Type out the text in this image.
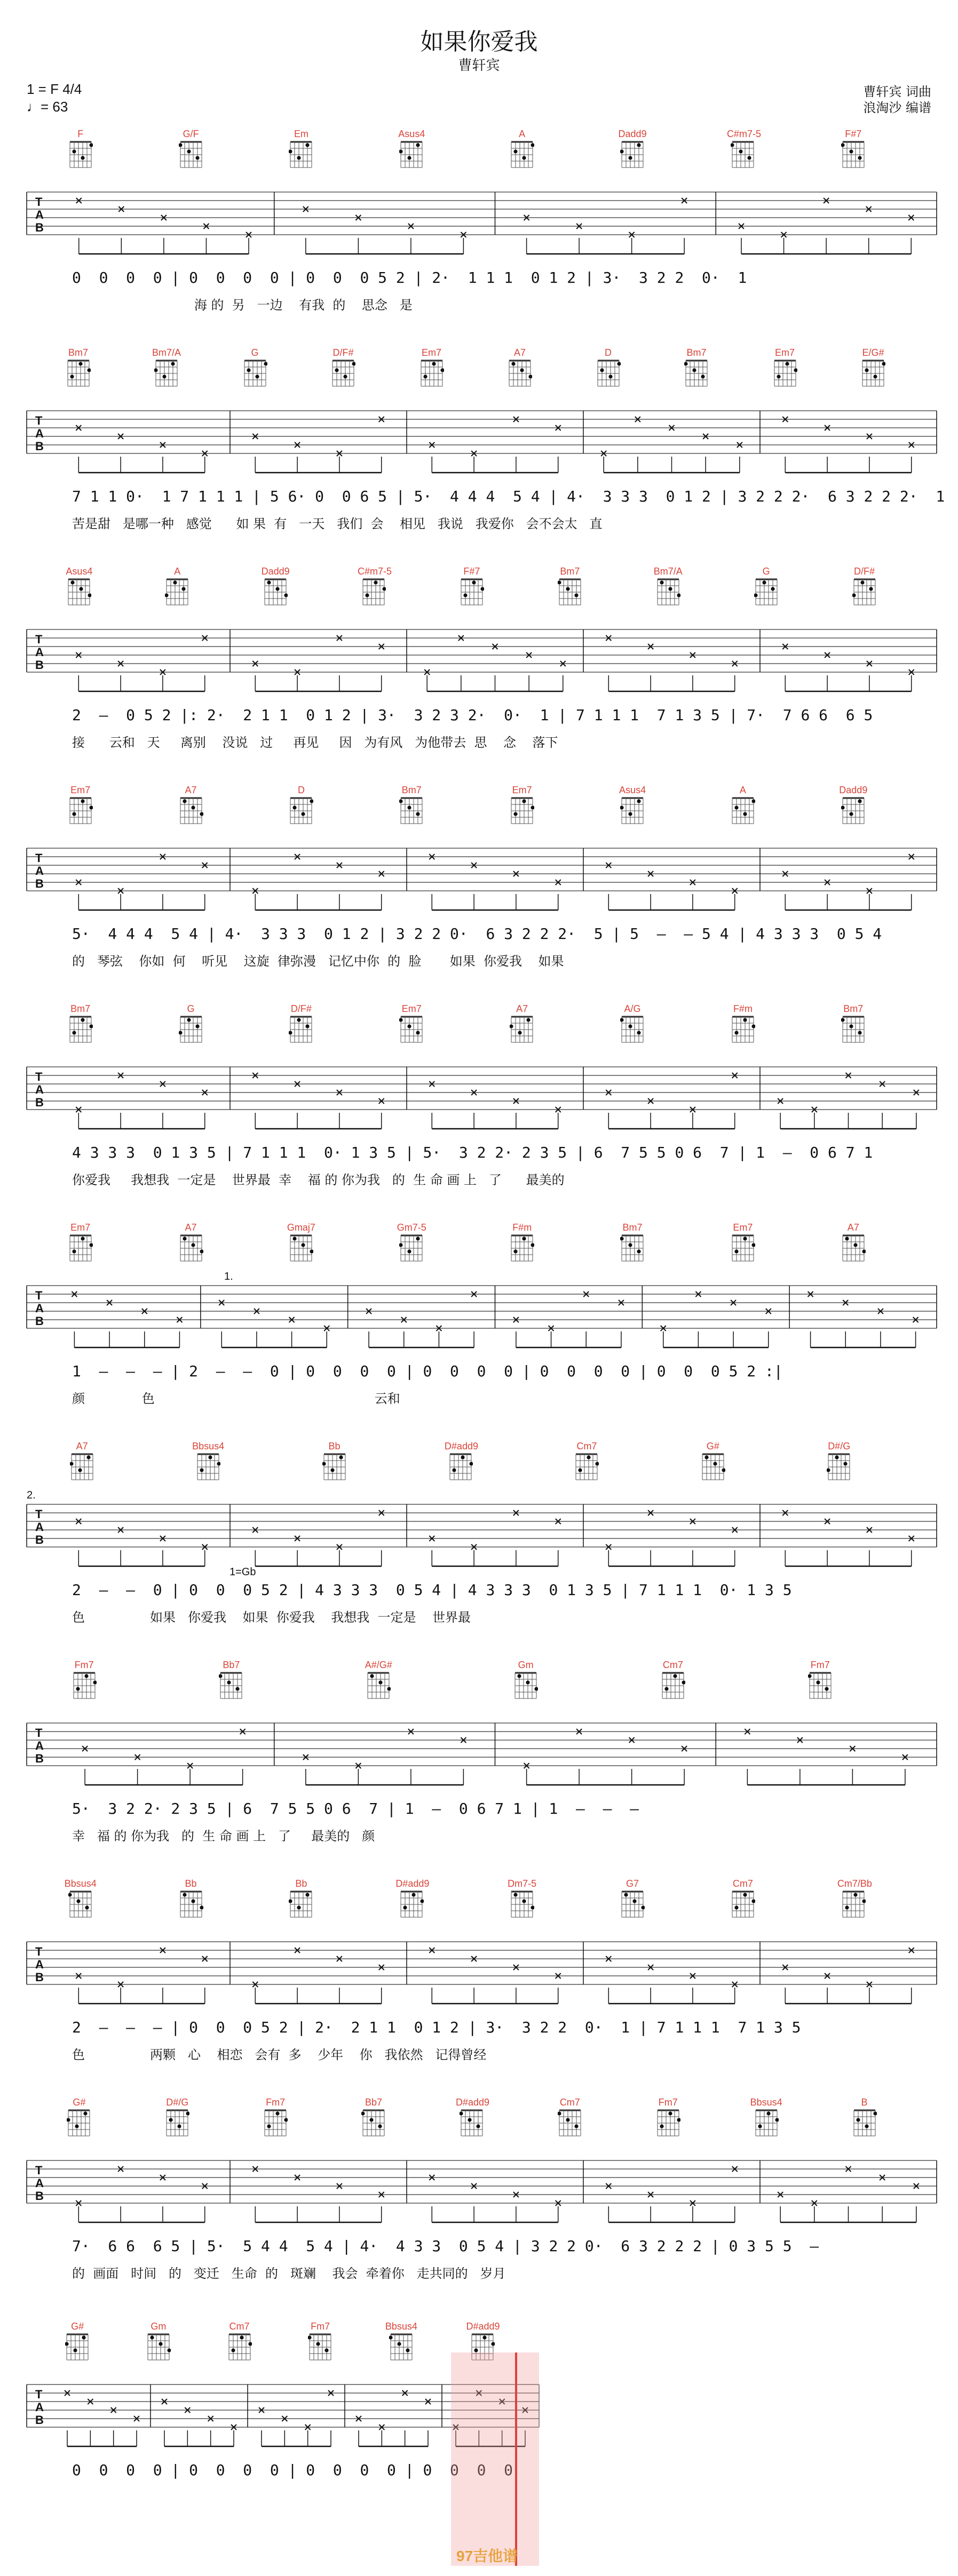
如果你爱我
曹轩宾
1 = F 4/4
♩= 63
曹轩宾 词曲
浪淘沙 编谱
T
A
B
F	G/F	Em	Asus4	A	Dadd9	C#m7-5	F#7
0  0  0  0 | 0  0  0  0 | 0  0  0 5 2 | 2·  1 1 1  0 1 2 | 3·  3 2 2  0·  1
海 的  另   一边    有我  的    思念   是
T
A
B
Bm7	Bm7/A	G	D/F#	Em7	A7	D	Bm7	Em7	E/G#
7 1 1 0·  1 7 1 1 1 | 5 6· 0  0 6 5 | 5·  4 4 4  5 4 | 4·  3 3 3  0 1 2 | 3 2 2 2·  6 3 2 2 2·  1
苦是甜   是哪一种   感觉      如 果  有   一天   我们  会    相见   我说   我爱你   会不会太   直
T
A
B
Asus4	A	Dadd9	C#m7-5	F#7	Bm7	Bm7/A	G	D/F#
2  —  0 5 2 |: 2·  2 1 1  0 1 2 | 3·  3 2 3 2·  0·  1 | 7 1 1 1  7 1 3 5 | 7·  7 6 6  6 5
接      云和   天     离别    没说   过     再见     因   为有风   为他带去  思    念    落下
T
A
B
Em7	A7	D	Bm7	Em7	Asus4	A	Dadd9
5·  4 4 4  5 4 | 4·  3 3 3  0 1 2 | 3 2 2 0·  6 3 2 2 2·  5 | 5  —  — 5 4 | 4 3 3 3  0 5 4
的   琴弦    你如  何    听见    这旋  律弥漫   记忆中你  的  脸       如果  你爱我    如果
T
A
B
Bm7	G	D/F#	Em7	A7	A/G	F#m	Bm7
4 3 3 3  0 1 3 5 | 7 1 1 1  0· 1 3 5 | 5·  3 2 2· 2 3 5 | 6  7 5 5 0 6  7 | 1  —  0 6 7 1
你爱我     我想我  一定是    世界最  幸    福 的 你为我   的  生 命 画 上   了      最美的
T
A
B
Em7	A7	Gmaj7	Gm7-5	F#m	Bm7	Em7	A7
1  —  —  — | 2  —  —  0 | 0  0  0  0 | 0  0  0  0 | 0  0  0  0 | 0  0  0 5 2 :|
颜              色                                                      云和
1.
T
A
B
A7	Bbsus4	Bb	D#add9	Cm7	G#	D#/G
2  —  —  0 | 0  0  0 5 2 | 4 3 3 3  0 5 4 | 4 3 3 3  0 1 3 5 | 7 1 1 1  0· 1 3 5
色                如果   你爱我    如果  你爱我    我想我  一定是    世界最
2.
1=Gb
T
A
B
Fm7	Bb7	A#/G#	Gm	Cm7	Fm7
5·  3 2 2· 2 3 5 | 6  7 5 5 0 6  7 | 1  —  0 6 7 1 | 1  —  —  —
幸   福 的 你为我   的  生 命 画 上   了     最美的   颜
T
A
B
Bbsus4	Bb	Bb	D#add9	Dm7-5	G7	Cm7	Cm7/Bb
2  —  —  — | 0  0  0 5 2 | 2·  2 1 1  0 1 2 | 3·  3 2 2  0·  1 | 7 1 1 1  7 1 3 5
色                两颗   心    相恋   会有  多    少年    你   我依然   记得曾经
T
A
B
G#	D#/G	Fm7	Bb7	D#add9	Cm7	Fm7	Bbsus4	B
7·  6 6  6 5 | 5·  5 4 4  5 4 | 4·  4 3 3  0 5 4 | 3 2 2 0·  6 3 2 2 2 | 0 3 5 5  —
的  画面   时间   的   变迁   生命  的   斑斓    我会  牵着你   走共同的   岁月
T
A
B
G#	Gm	Cm7	Fm7	Bbsus4	D#add9
0  0  0  0 | 0  0  0  0 | 0  0  0  0 | 0  0  0  0
97吉他谱
